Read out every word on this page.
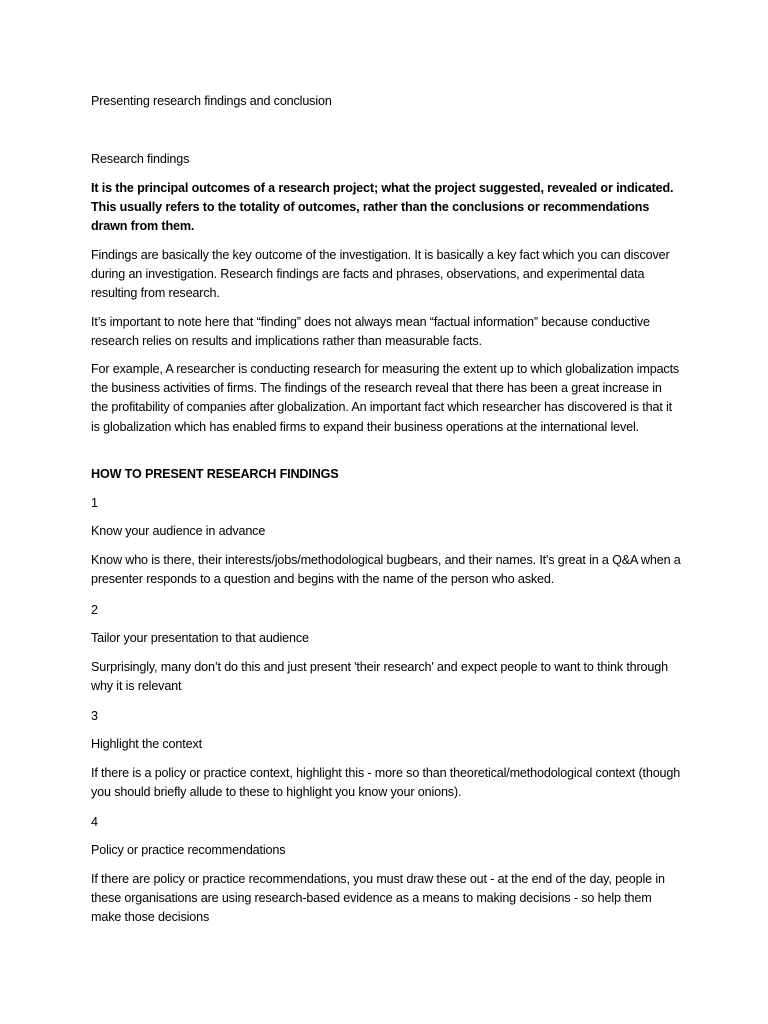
Presenting research findings and conclusion

Research findings

It is the principal outcomes of a research project; what the project suggested, revealed or indicated. This usually refers to the totality of outcomes, rather than the conclusions or recommendations drawn from them.

Findings are basically the key outcome of the investigation. It is basically a key fact which you can discover during an investigation. Research findings are facts and phrases, observations, and experimental data resulting from research.

It’s important to note here that “finding” does not always mean “factual information” because conductive research relies on results and implications rather than measurable facts.

For example, A researcher is conducting research for measuring the extent up to which globalization impacts the business activities of firms. The findings of the research reveal that there has been a great increase in the profitability of companies after globalization. An important fact which researcher has discovered is that it is globalization which has enabled firms to expand their business operations at the international level.

HOW TO PRESENT RESEARCH FINDINGS

1

Know your audience in advance

Know who is there, their interests/jobs/methodological bugbears, and their names. It's great in a Q&A when a presenter responds to a question and begins with the name of the person who asked.

2

Tailor your presentation to that audience

Surprisingly, many don’t do this and just present 'their research' and expect people to want to think through why it is relevant

3

Highlight the context

If there is a policy or practice context, highlight this - more so than theoretical/methodological context (though you should briefly allude to these to highlight you know your onions).

4

Policy or practice recommendations

If there are policy or practice recommendations, you must draw these out - at the end of the day, people in these organisations are using research-based evidence as a means to making decisions - so help them make those decisions
